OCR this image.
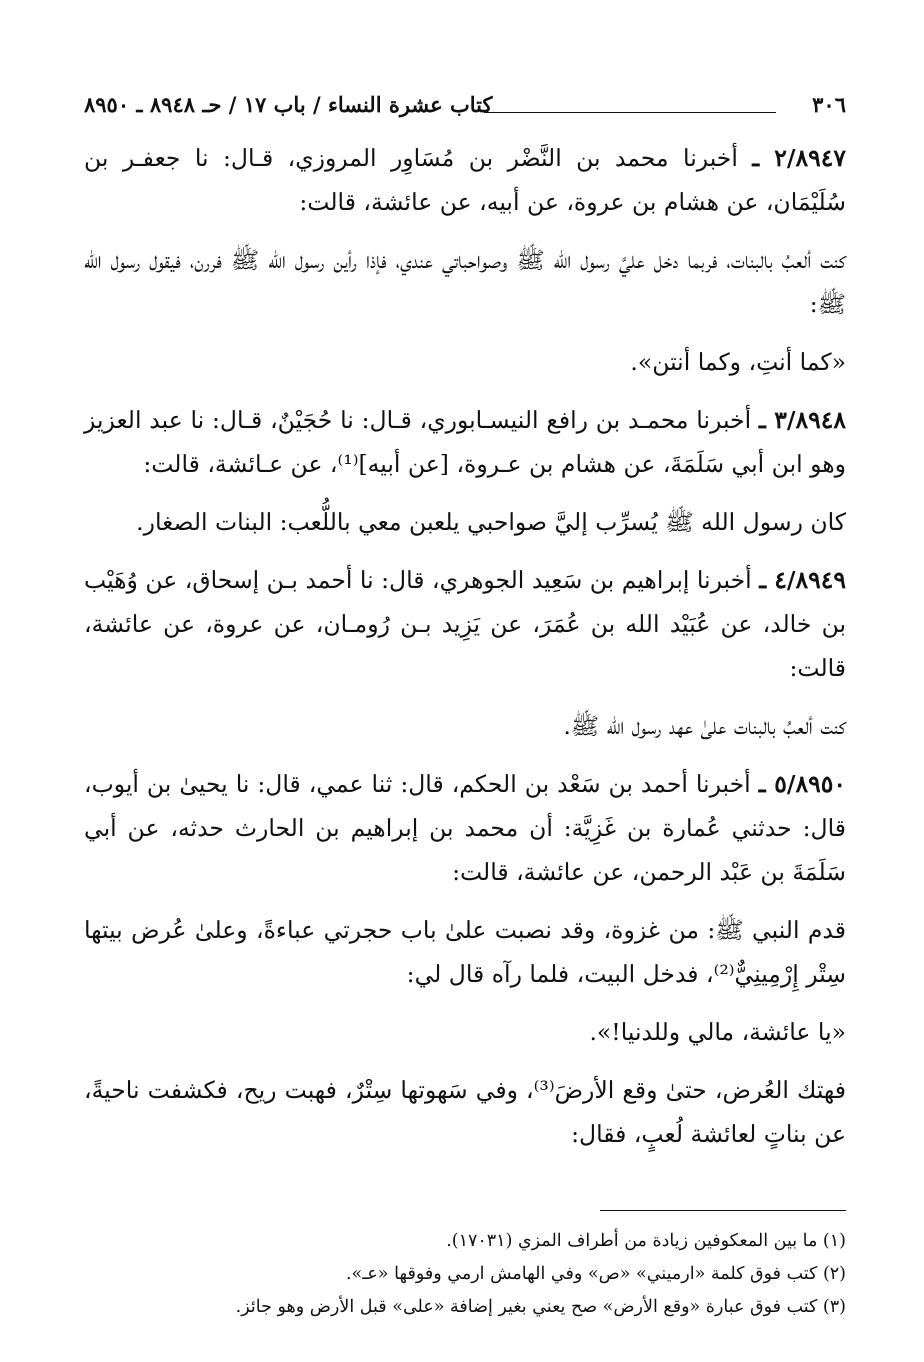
٣٠٦
كتاب عشرة النساء / باب ١٧ / حـ ٨٩٤٨ ـ ٨٩٥٠

٢/٨٩٤٧ ـ أخبرنا محمد بن النَّضْر بن مُسَاوِر المروزي، قـال: نا جعفـر بن سُلَيْمَان، عن هشام بن عروة، عن أبيه، عن عائشة، قالت:

كنت ألعبُ بالبنات، فربما دخل عليَّ رسول الله ﷺ وصواحباتي عندي، فإذا رأين رسول الله ﷺ فررن، فيقول رسول الله ﷺ:

«كما أنتِ، وكما أنتن».

٣/٨٩٤٨ ـ أخبرنا محمـد بن رافع النيسـابوري، قـال: نا حُجَيْنٌ، قـال: نا عبد العزيز وهو ابن أبي سَلَمَةَ، عن هشام بن عـروة، [عن أبيه]⁽¹⁾، عن عـائشة، قالت:

كان رسول الله ﷺ يُسرِّب إليَّ صواحبي يلعبن معي باللُّعب: البنات الصغار.

٤/٨٩٤٩ ـ أخبرنا إبراهيم بن سَعِيد الجوهري، قال: نا أحمد بـن إسحاق، عن وُهَيْب بن خالد، عن عُبَيْد الله بن عُمَرَ، عن يَزِيد بـن رُومـان، عن عروة، عن عائشة، قالت:

كنت ألعبُ بالبنات علىٰ عهد رسول الله ﷺ.

٥/٨٩٥٠ ـ أخبرنا أحمد بن سَعْد بن الحكم، قال: ثنا عمي، قال: نا يحيىٰ بن أيوب، قال: حدثني عُمارة بن غَزِيَّة: أن محمد بن إبراهيم بن الحارث حدثه، عن أبي سَلَمَةَ بن عَبْد الرحمن، عن عائشة، قالت:

قدم النبي ﷺ: من غزوة، وقد نصبت علىٰ باب حجرتي عباءةً، وعلىٰ عُرض بيتها سِتْر إِرْمِينِيٌّ⁽²⁾، فدخل البيت، فلما رآه قال لي:

«يا عائشة، مالي وللدنيا!».

فهتك العُرض، حتىٰ وقع الأرضَ⁽³⁾، وفي سَهوتها سِتْرٌ، فهبت ريح، فكشفت ناحيةً، عن بناتٍ لعائشة لُعبٍ، فقال:

(١) ما بين المعكوفين زيادة من أطراف المزي (١٧٠٣١).

(٢) كتب فوق كلمة «ارميني» «ص» وفي الهامش ارمي وفوقها «عـ».

(٣) كتب فوق عبارة «وقع الأرض» صح يعني بغير إضافة «على» قبل الأرض وهو جائز.
